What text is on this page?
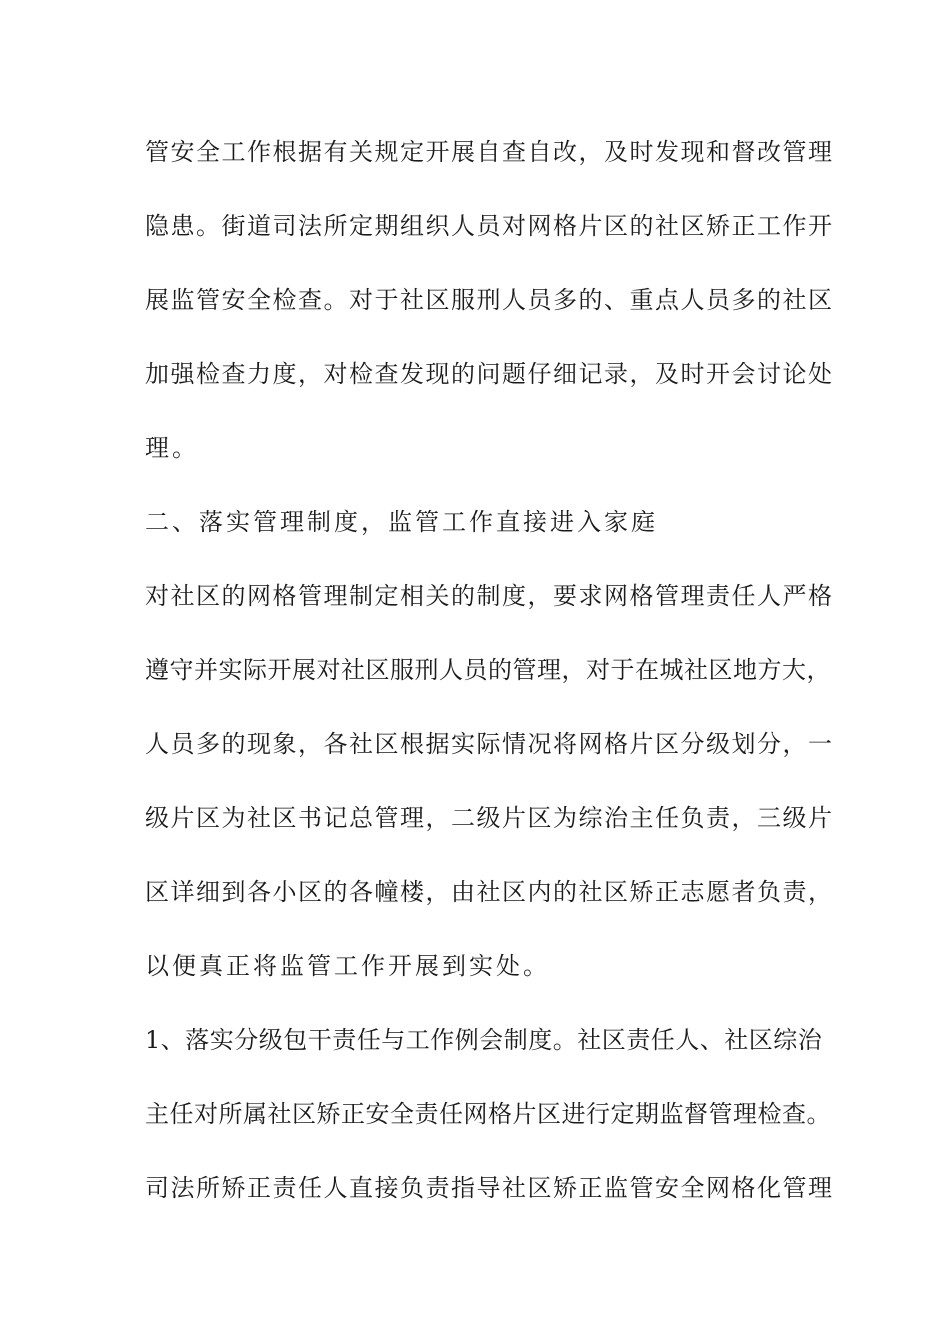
管安全工作根据有关规定开展自查自改，及时发现和督改管理
隐患。街道司法所定期组织人员对网格片区的社区矫正工作开
展监管安全检查。对于社区服刑人员多的、重点人员多的社区
加强检查力度，对检查发现的问题仔细记录，及时开会讨论处
理。
二、落实管理制度，监管工作直接进入家庭
对社区的网格管理制定相关的制度，要求网格管理责任人严格
遵守并实际开展对社区服刑人员的管理，对于在城社区地方大，
人员多的现象，各社区根据实际情况将网格片区分级划分，一
级片区为社区书记总管理，二级片区为综治主任负责，三级片
区详细到各小区的各幢楼，由社区内的社区矫正志愿者负责，
以便真正将监管工作开展到实处。
1、落实分级包干责任与工作例会制度。社区责任人、社区综治
主任对所属社区矫正安全责任网格片区进行定期监督管理检查。
司法所矫正责任人直接负责指导社区矫正监管安全网格化管理
